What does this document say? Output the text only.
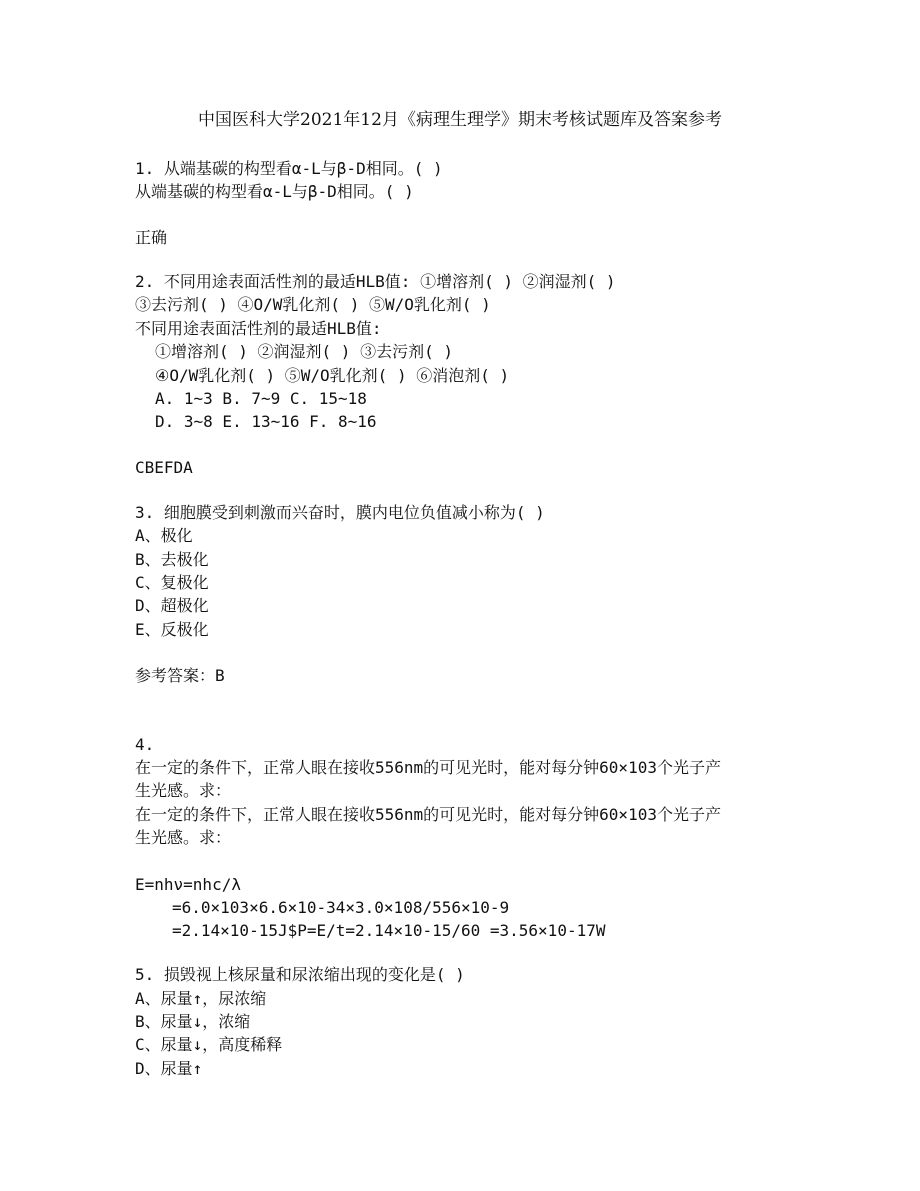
中国医科大学2021年12月《病理生理学》期末考核试题库及答案参考
1. 从端基碳的构型看α-L与β-D相同。( )
从端基碳的构型看α-L与β-D相同。( )
正确
2. 不同用途表面活性剂的最适HLB值: ①增溶剂( ) ②润湿剂( )
③去污剂( ) ④O/W乳化剂( ) ⑤W/O乳化剂( )
不同用途表面活性剂的最适HLB值:
①增溶剂( ) ②润湿剂( ) ③去污剂( )
④O/W乳化剂( ) ⑤W/O乳化剂( ) ⑥消泡剂( )
A. 1~3 B. 7~9 C. 15~18
D. 3~8 E. 13~16 F. 8~16
CBEFDA
3. 细胞膜受到刺激而兴奋时，膜内电位负值减小称为( )
A、极化
B、去极化
C、复极化
D、超极化
E、反极化
参考答案：B
4.
在一定的条件下，正常人眼在接收556nm的可见光时，能对每分钟60×103个光子产
生光感。求：
在一定的条件下，正常人眼在接收556nm的可见光时，能对每分钟60×103个光子产
生光感。求：
E=nhν=nhc/λ
=6.0×103×6.6×10-34×3.0×108/556×10-9
=2.14×10-15J$P=E/t=2.14×10-15/60 =3.56×10-17W
5. 损毁视上核尿量和尿浓缩出现的变化是( )
A、尿量↑，尿浓缩
B、尿量↓，浓缩
C、尿量↓，高度稀释
D、尿量↑
